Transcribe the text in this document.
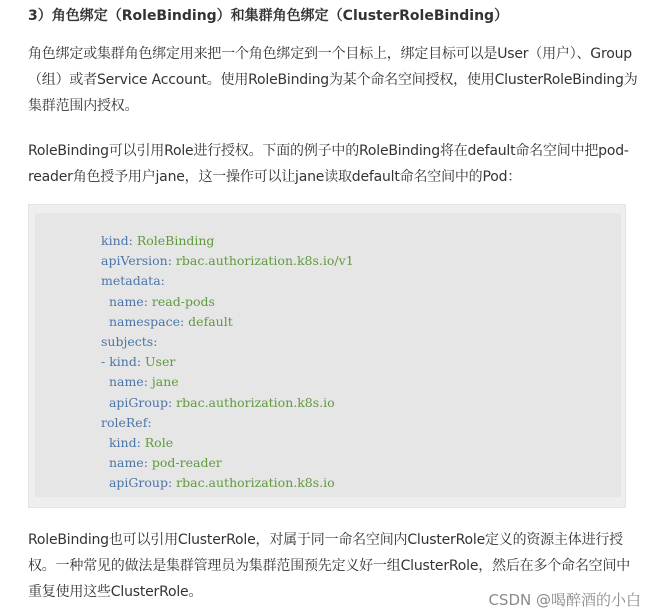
3）角色绑定（RoleBinding）和集群角色绑定（ClusterRoleBinding）
角色绑定或集群角色绑定用来把一个角色绑定到一个目标上，绑定目标可以是User（用户）、Group
（组）或者Service Account。使用RoleBinding为某个命名空间授权，使用ClusterRoleBinding为
集群范围内授权。
RoleBinding可以引用Role进行授权。下面的例子中的RoleBinding将在default命名空间中把pod-
reader角色授予用户jane，这一操作可以让jane读取default命名空间中的Pod：
kind: RoleBinding
apiVersion: rbac.authorization.k8s.io/v1
metadata:
name: read-pods
namespace: default
subjects:
- kind: User
name: jane
apiGroup: rbac.authorization.k8s.io
roleRef:
kind: Role
name: pod-reader
apiGroup: rbac.authorization.k8s.io
RoleBinding也可以引用ClusterRole，对属于同一命名空间内ClusterRole定义的资源主体进行授
权。一种常见的做法是集群管理员为集群范围预先定义好一组ClusterRole，然后在多个命名空间中
重复使用这些ClusterRole。	CSDN @喝醉酒的小白
